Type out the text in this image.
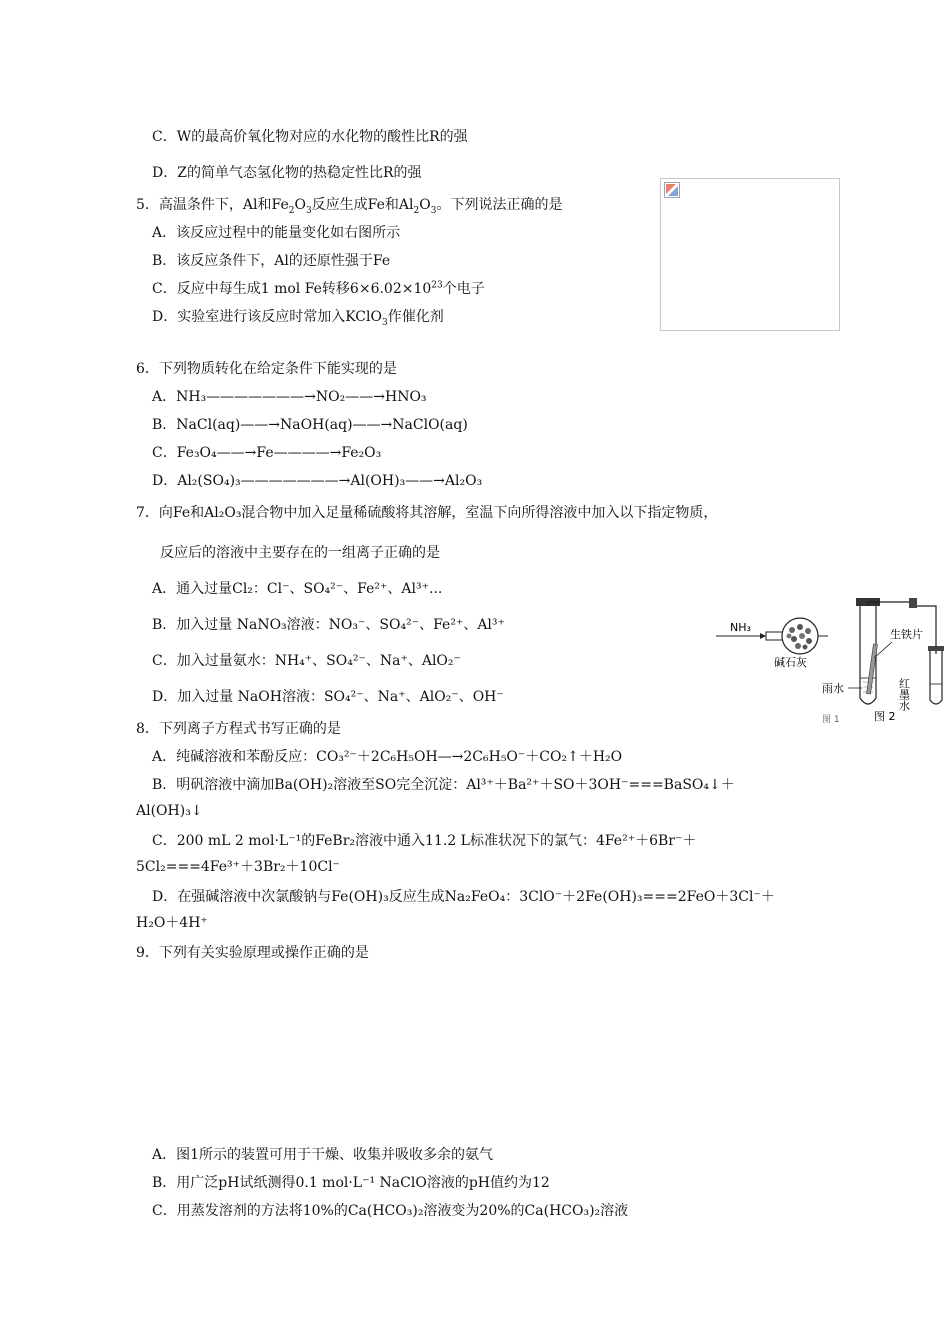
C．W的最高价氧化物对应的水化物的酸性比R的强
D．Z的简单气态氢化物的热稳定性比R的强
5．高温条件下，Al和$Fe_2O_3$反应生成Fe和$Al_2O_3$。下列说法正确的是
A．该反应过程中的能量变化如右图所示
B．该反应条件下，Al的还原性强于Fe
C．反应中每生成1 mol Fe转移$6\times 6.02\times 10^{23}$个电子
D．实验室进行该反应时常加入KClO$_3$作催化剂
6．下列物质转化在给定条件下能实现的是
A．NH₃———————→NO₂——→HNO₃
B．NaCl(aq)——→NaOH(aq)——→NaClO(aq)
C．Fe₃O₄——→Fe————→Fe₂O₃
D．Al₂(SO₄)₃———————→Al(OH)₃——→Al₂O₃
7．向Fe和Al₂O₃混合物中加入足量稀硫酸将其溶解，室温下向所得溶液中加入以下指定物质，
反应后的溶液中主要存在的一组离子正确的是
A．通入过量Cl₂：Cl⁻、SO₄²⁻、Fe²⁺、Al³⁺...
B．加入过量 NaNO₃溶液：NO₃⁻、SO₄²⁻、Fe²⁺、Al³⁺
C．加入过量氨水：NH₄⁺、SO₄²⁻、Na⁺、AlO₂⁻
D．加入过量 NaOH溶液：SO₄²⁻、Na⁺、AlO₂⁻、OH⁻
NH₃
碱石灰
图 1
生铁片
雨水	红墨水
图 2
8．下列离子方程式书写正确的是
A．纯碱溶液和苯酚反应：CO₃²⁻＋2C₆H₅OH—→2C₆H₅O⁻＋CO₂↑＋H₂O
B．明矾溶液中滴加Ba(OH)₂溶液至SO完全沉淀：Al³⁺＋Ba²⁺＋SO＋3OH⁻===BaSO₄↓＋
Al(OH)₃↓
C．200 mL 2 mol·L⁻¹的FeBr₂溶液中通入11.2 L标准状况下的氯气：4Fe²⁺＋6Br⁻＋
5Cl₂===4Fe³⁺＋3Br₂＋10Cl⁻
D．在强碱溶液中次氯酸钠与Fe(OH)₃反应生成Na₂FeO₄：3ClO⁻＋2Fe(OH)₃===2FeO＋3Cl⁻＋
H₂O＋4H⁺
9．下列有关实验原理或操作正确的是
A．图1所示的装置可用于干燥、收集并吸收多余的氨气
B．用广泛pH试纸测得0.1 mol·L⁻¹ NaClO溶液的pH值约为12
C．用蒸发溶剂的方法将10%的Ca(HCO₃)₂溶液变为20%的Ca(HCO₃)₂溶液
